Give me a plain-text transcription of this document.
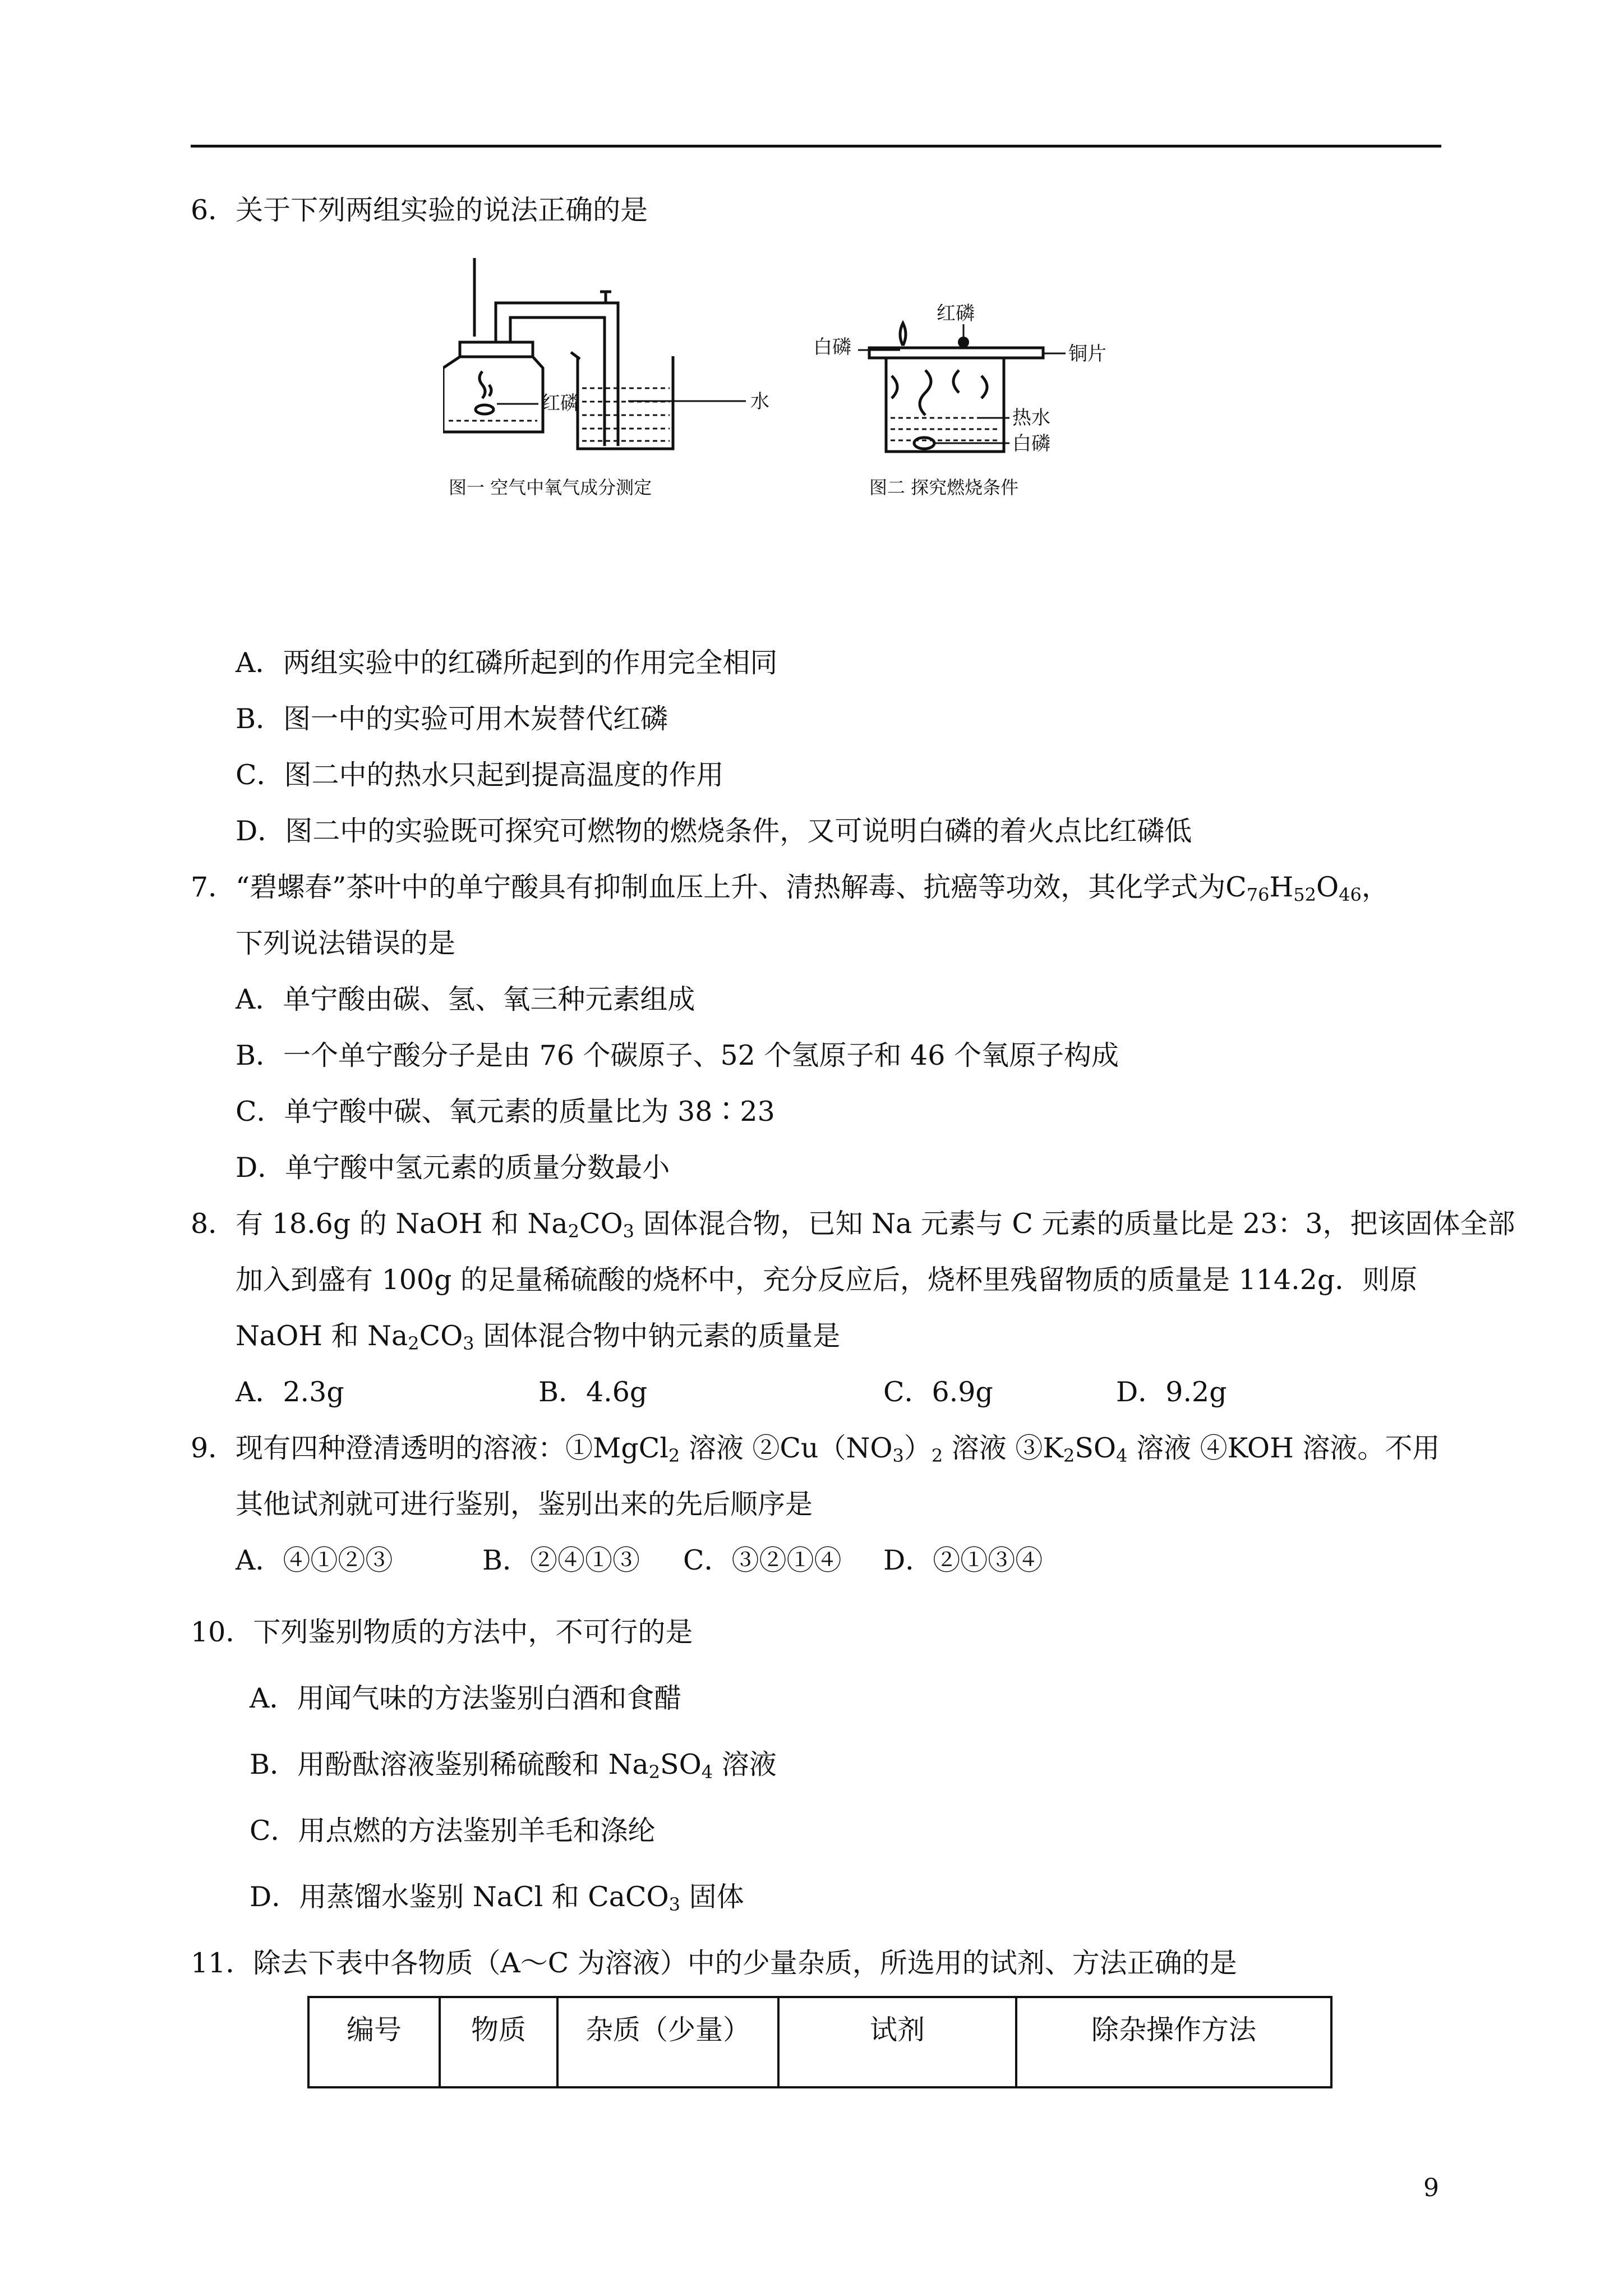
6．关于下列两组实验的说法正确的是
红磷	水
图一 空气中氧气成分测定
红磷
白磷	铜片
热水
白磷
图二 探究燃烧条件
A．两组实验中的红磷所起到的作用完全相同
B．图一中的实验可用木炭替代红磷
C．图二中的热水只起到提高温度的作用
D．图二中的实验既可探究可燃物的燃烧条件，又可说明白磷的着火点比红磷低
7．“碧螺春”茶叶中的单宁酸具有抑制血压上升、清热解毒、抗癌等功效，其化学式为$C_{76}H_{52}O_{46}$，
下列说法错误的是
A．单宁酸由碳、氢、氧三种元素组成
B．一个单宁酸分子是由 76 个碳原子、52 个氢原子和 46 个氧原子构成
C．单宁酸中碳、氧元素的质量比为 38∶23
D．单宁酸中氢元素的质量分数最小
8．有 18.6g 的 NaOH 和 $Na_2CO_3$ 固体混合物，已知 Na 元素与 C 元素的质量比是 23：3，把该固体全部
加入到盛有 100g 的足量稀硫酸的烧杯中，充分反应后，烧杯里残留物质的质量是 114.2g．则原
NaOH 和 $Na_2CO_3$ 固体混合物中钠元素的质量是
A．2.3g	B．4.6g	C．6.9g	D．9.2g
9．现有四种澄清透明的溶液：①MgCl$_2$ 溶液 $②Cu(NO_3)_2$ 溶液 $③K_2SO_4$ 溶液 ④KOH 溶液。不用
其他试剂就可进行鉴别，鉴别出来的先后顺序是
A．④①②③	B．②④①③ C．③②①④ D．②①③④
10．下列鉴别物质的方法中，不可行的是
A．用闻气味的方法鉴别白酒和食醋
B．用酚酞溶液鉴别稀硫酸和 $Na_2SO_4$ 溶液
C．用点燃的方法鉴别羊毛和涤纶
D．用蒸馏水鉴别 NaCl 和 CaCO$_3$ 固体
11．除去下表中各物质（A～C 为溶液）中的少量杂质，所选用的试剂、方法正确的是
编号	物质	杂质（少量）	试剂	除杂操作方法
9
